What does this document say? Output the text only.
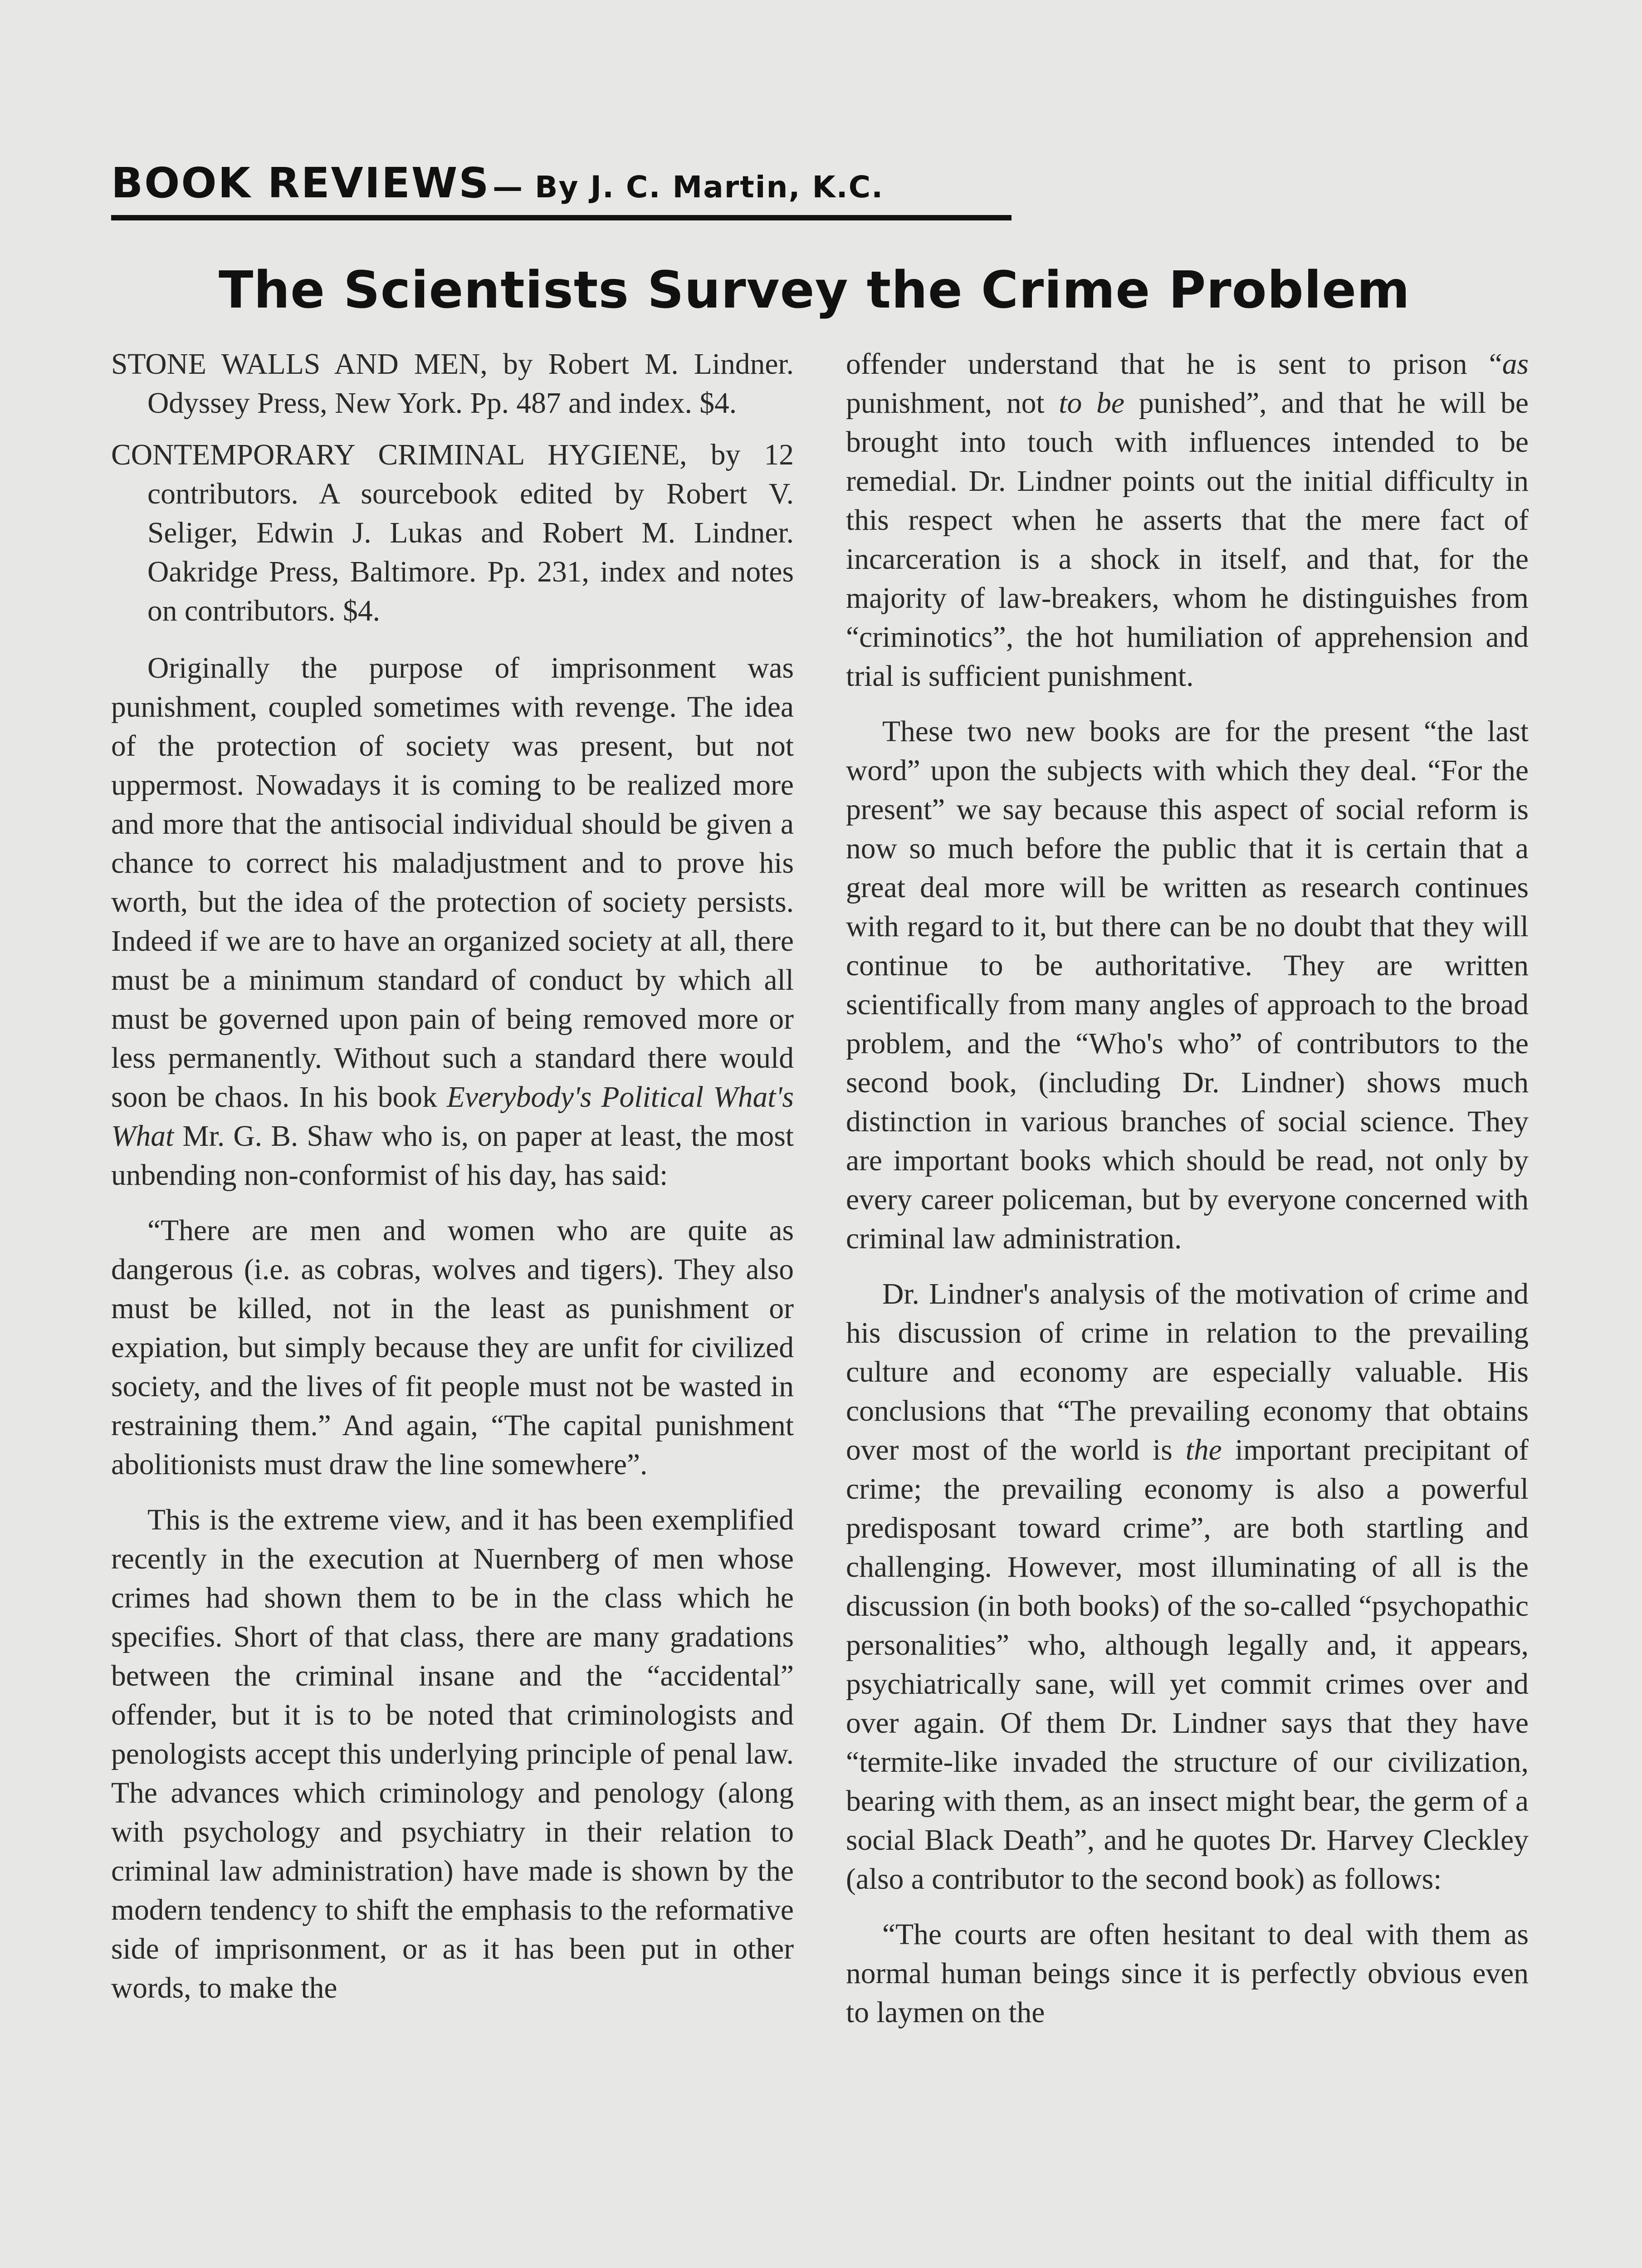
BOOK REVIEWS — By J. C. Martin, K.C.
The Scientists Survey the Crime Problem

STONE WALLS AND MEN, by Robert M. Lindner. Odyssey Press, New York. Pp. 487 and index. $4.

CONTEMPORARY CRIMINAL HYGIENE, by 12 contributors. A sourcebook edited by Robert V. Seliger, Edwin J. Lukas and Robert M. Lindner. Oakridge Press, Baltimore. Pp. 231, index and notes on contributors. $4.

Originally the purpose of imprisonment was punishment, coupled sometimes with revenge. The idea of the protection of society was present, but not uppermost. Nowadays it is coming to be realized more and more that the antisocial individual should be given a chance to correct his maladjustment and to prove his worth, but the idea of the protection of society persists. Indeed if we are to have an organized society at all, there must be a minimum standard of conduct by which all must be governed upon pain of being removed more or less permanently. Without such a standard there would soon be chaos. In his book Everybody's Political What's What Mr. G. B. Shaw who is, on paper at least, the most unbending non-conformist of his day, has said:

“There are men and women who are quite as dangerous (i.e. as cobras, wolves and tigers). They also must be killed, not in the least as punishment or expiation, but simply because they are unfit for civilized society, and the lives of fit people must not be wasted in restraining them.” And again, “The capital punishment abolitionists must draw the line somewhere”.

This is the extreme view, and it has been exemplified recently in the execution at Nuernberg of men whose crimes had shown them to be in the class which he specifies. Short of that class, there are many gradations between the criminal insane and the “accidental” offender, but it is to be noted that criminologists and penologists accept this underlying principle of penal law. The advances which criminology and penology (along with psychology and psychiatry in their relation to criminal law administration) have made is shown by the modern tendency to shift the emphasis to the reformative side of imprisonment, or as it has been put in other words, to make the

offender understand that he is sent to prison “as punishment, not to be punished”, and that he will be brought into touch with influences intended to be remedial. Dr. Lindner points out the initial difficulty in this respect when he asserts that the mere fact of incarceration is a shock in itself, and that, for the majority of law-breakers, whom he distinguishes from “criminotics”, the hot humiliation of apprehension and trial is sufficient punishment.

These two new books are for the present “the last word” upon the subjects with which they deal. “For the present” we say because this aspect of social reform is now so much before the public that it is certain that a great deal more will be written as research continues with regard to it, but there can be no doubt that they will continue to be authoritative. They are written scientifically from many angles of approach to the broad problem, and the “Who's who” of contributors to the second book, (including Dr. Lindner) shows much distinction in various branches of social science. They are important books which should be read, not only by every career policeman, but by everyone concerned with criminal law administration.

Dr. Lindner's analysis of the motivation of crime and his discussion of crime in relation to the prevailing culture and economy are especially valuable. His conclusions that “The prevailing economy that obtains over most of the world is the important precipitant of crime; the prevailing economy is also a powerful predisposant toward crime”, are both startling and challenging. However, most illuminating of all is the discussion (in both books) of the so-called “psychopathic personalities” who, although legally and, it appears, psychiatrically sane, will yet commit crimes over and over again. Of them Dr. Lindner says that they have “termite-like invaded the structure of our civilization, bearing with them, as an insect might bear, the germ of a social Black Death”, and he quotes Dr. Harvey Cleckley (also a contributor to the second book) as follows:

“The courts are often hesitant to deal with them as normal human beings since it is perfectly obvious even to laymen on the
